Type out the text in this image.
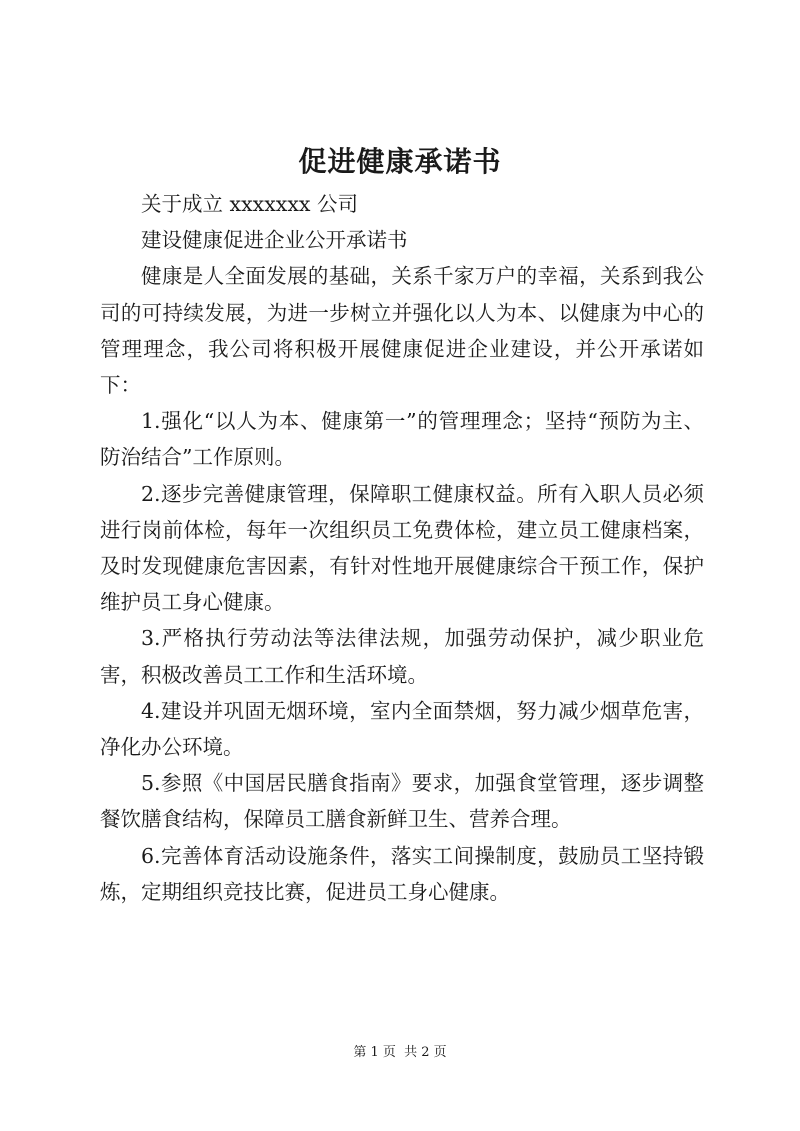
促进健康承诺书

关于成立 xxxxxxx 公司

建设健康促进企业公开承诺书

健康是人全面发展的基础，关系千家万户的幸福，关系到我公司的可持续发展，为进一步树立并强化以人为本、以健康为中心的管理理念，我公司将积极开展健康促进企业建设，并公开承诺如下：

1.强化“以人为本、健康第一”的管理理念；坚持“预防为主、防治结合”工作原则。

2.逐步完善健康管理，保障职工健康权益。所有入职人员必须进行岗前体检，每年一次组织员工免费体检，建立员工健康档案，及时发现健康危害因素，有针对性地开展健康综合干预工作，保护维护员工身心健康。

3.严格执行劳动法等法律法规，加强劳动保护，减少职业危害，积极改善员工工作和生活环境。

4.建设并巩固无烟环境，室内全面禁烟，努力减少烟草危害，净化办公环境。

5.参照《中国居民膳食指南》要求，加强食堂管理，逐步调整餐饮膳食结构，保障员工膳食新鲜卫生、营养合理。

6.完善体育活动设施条件，落实工间操制度，鼓励员工坚持锻炼，定期组织竞技比赛，促进员工身心健康。

第 1 页 共 2 页
